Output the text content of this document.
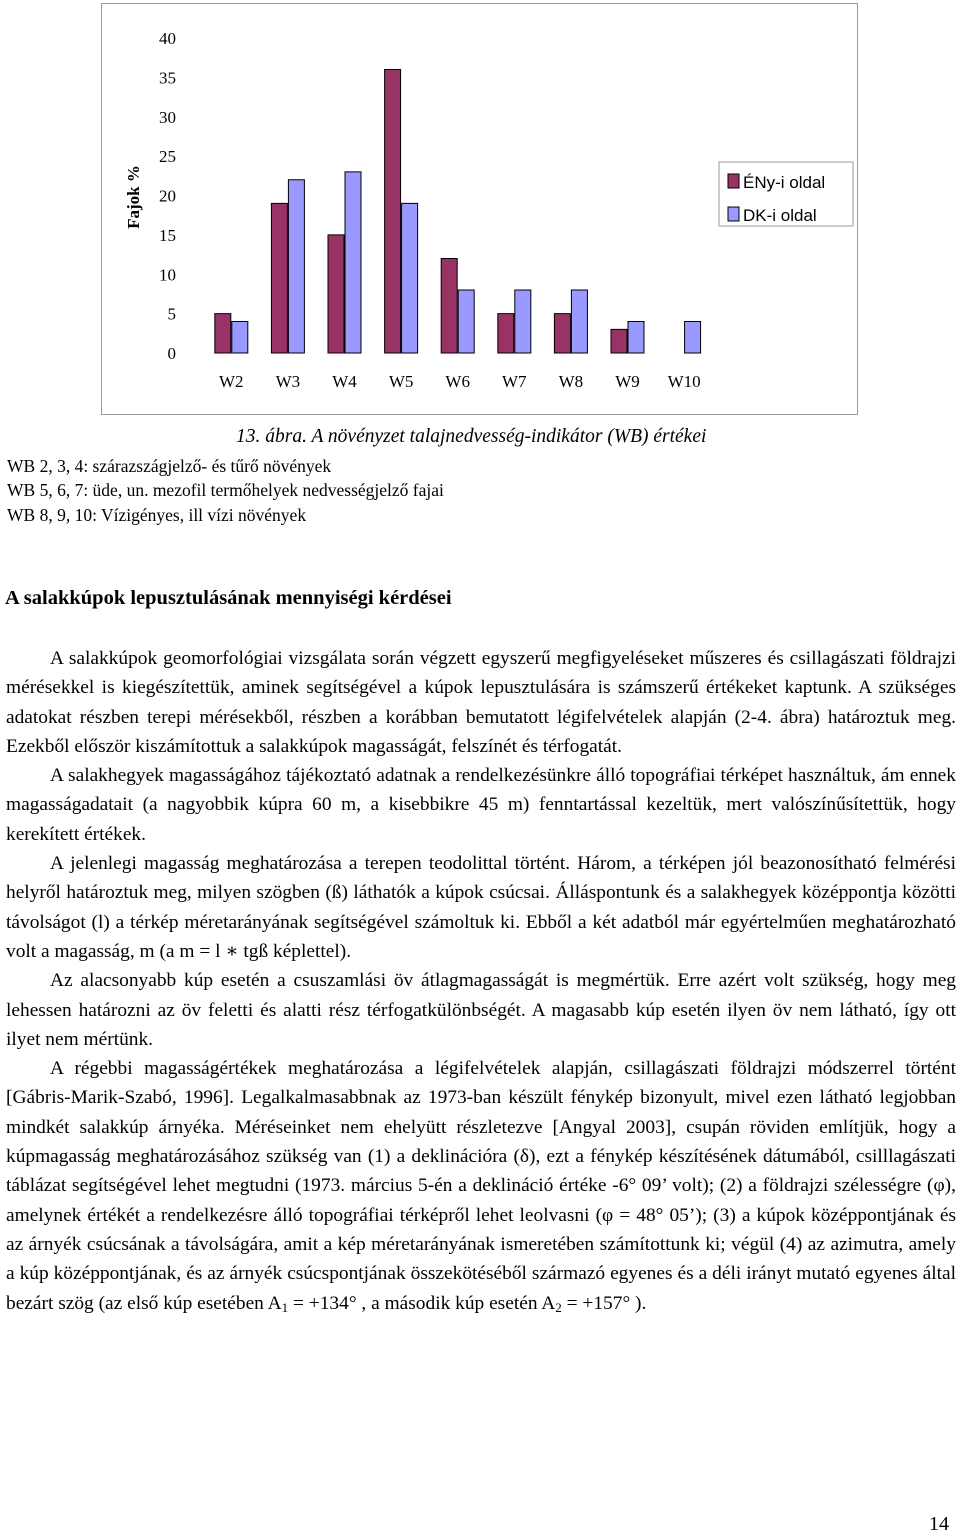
0
5
10
15
20
25
30
35
40
Fajok %
W2 W3 W4 W5 W6 W7 W8 W9 W10
ÉNy-i oldal
DK-i oldal
13. ábra. A növényzet talajnedvesség-indikátor (WB) értékei
WB 2, 3, 4: szárazszágjelző- és tűrő növények
WB 5, 6, 7: üde, un. mezofil termőhelyek nedvességjelző fajai
WB 8, 9, 10: Vízigényes, ill vízi növények
A salakkúpok lepusztulásának mennyiségi kérdései

A salakkúpok geomorfológiai vizsgálata során végzett egyszerű megfigyeléseket műszeres és csillagászati földrajzi mérésekkel is kiegészítettük, aminek segítségével a kúpok lepusztulására is számszerű értékeket kaptunk. A szükséges adatokat részben terepi mérésekből, részben a korábban bemutatott légifelvételek alapján (2-4. ábra) határoztuk meg. Ezekből először kiszámítottuk a salakkúpok magasságát, felszínét és térfogatát.

A salakhegyek magasságához tájékoztató adatnak a rendelkezésünkre álló topográfiai térképet használtuk, ám ennek magasságadatait (a nagyobbik kúpra 60 m, a kisebbikre 45 m) fenntartással kezeltük, mert valószínűsítettük, hogy kerekített értékek.

A jelenlegi magasság meghatározása a terepen teodolittal történt. Három, a térképen jól beazonosítható felmérési helyről határoztuk meg, milyen szögben (ß) láthatók a kúpok csúcsai. Álláspontunk és a salakhegyek középpontja közötti távolságot (l) a térkép méretarányának segítségével számoltuk ki. Ebből a két adatból már egyértelműen meghatározható volt a magasság, m (a m = l ∗ tgß képlettel).

Az alacsonyabb kúp esetén a csuszamlási öv átlagmagasságát is megmértük. Erre azért volt szükség, hogy meg lehessen határozni az öv feletti és alatti rész térfogatkülönbségét. A magasabb kúp esetén ilyen öv nem látható, így ott ilyet nem mértünk.

A régebbi magasságértékek meghatározása a légifelvételek alapján, csillagászati földrajzi módszerrel történt [Gábris-Marik-Szabó, 1996]. Legalkalmasabbnak az 1973-ban készült fénykép bizonyult, mivel ezen látható legjobban mindkét salakkúp árnyéka. Méréseinket nem ehelyütt részletezve [Angyal 2003], csupán röviden említjük, hogy a kúpmagasság meghatározásához szükség van (1) a deklinációra (δ), ezt a fénykép készítésének dátumából, csilllagászati táblázat segítségével lehet megtudni (1973. március 5-én a deklináció értéke -6° 09’ volt); (2) a földrajzi szélességre (φ), amelynek értékét a rendelkezésre álló topográfiai térképről lehet leolvasni (φ = 48° 05’); (3) a kúpok középpontjának és az árnyék csúcsának a távolságára, amit a kép méretarányának ismeretében számítottunk ki; végül (4) az azimutra, amely a kúp középpontjának, és az árnyék csúcspontjának összekötéséből származó egyenes és a déli irányt mutató egyenes által bezárt szög (az első kúp esetében $A_1 = +134^\circ$ , a második kúp esetén $A_2 = +157^\circ$ ).

14
